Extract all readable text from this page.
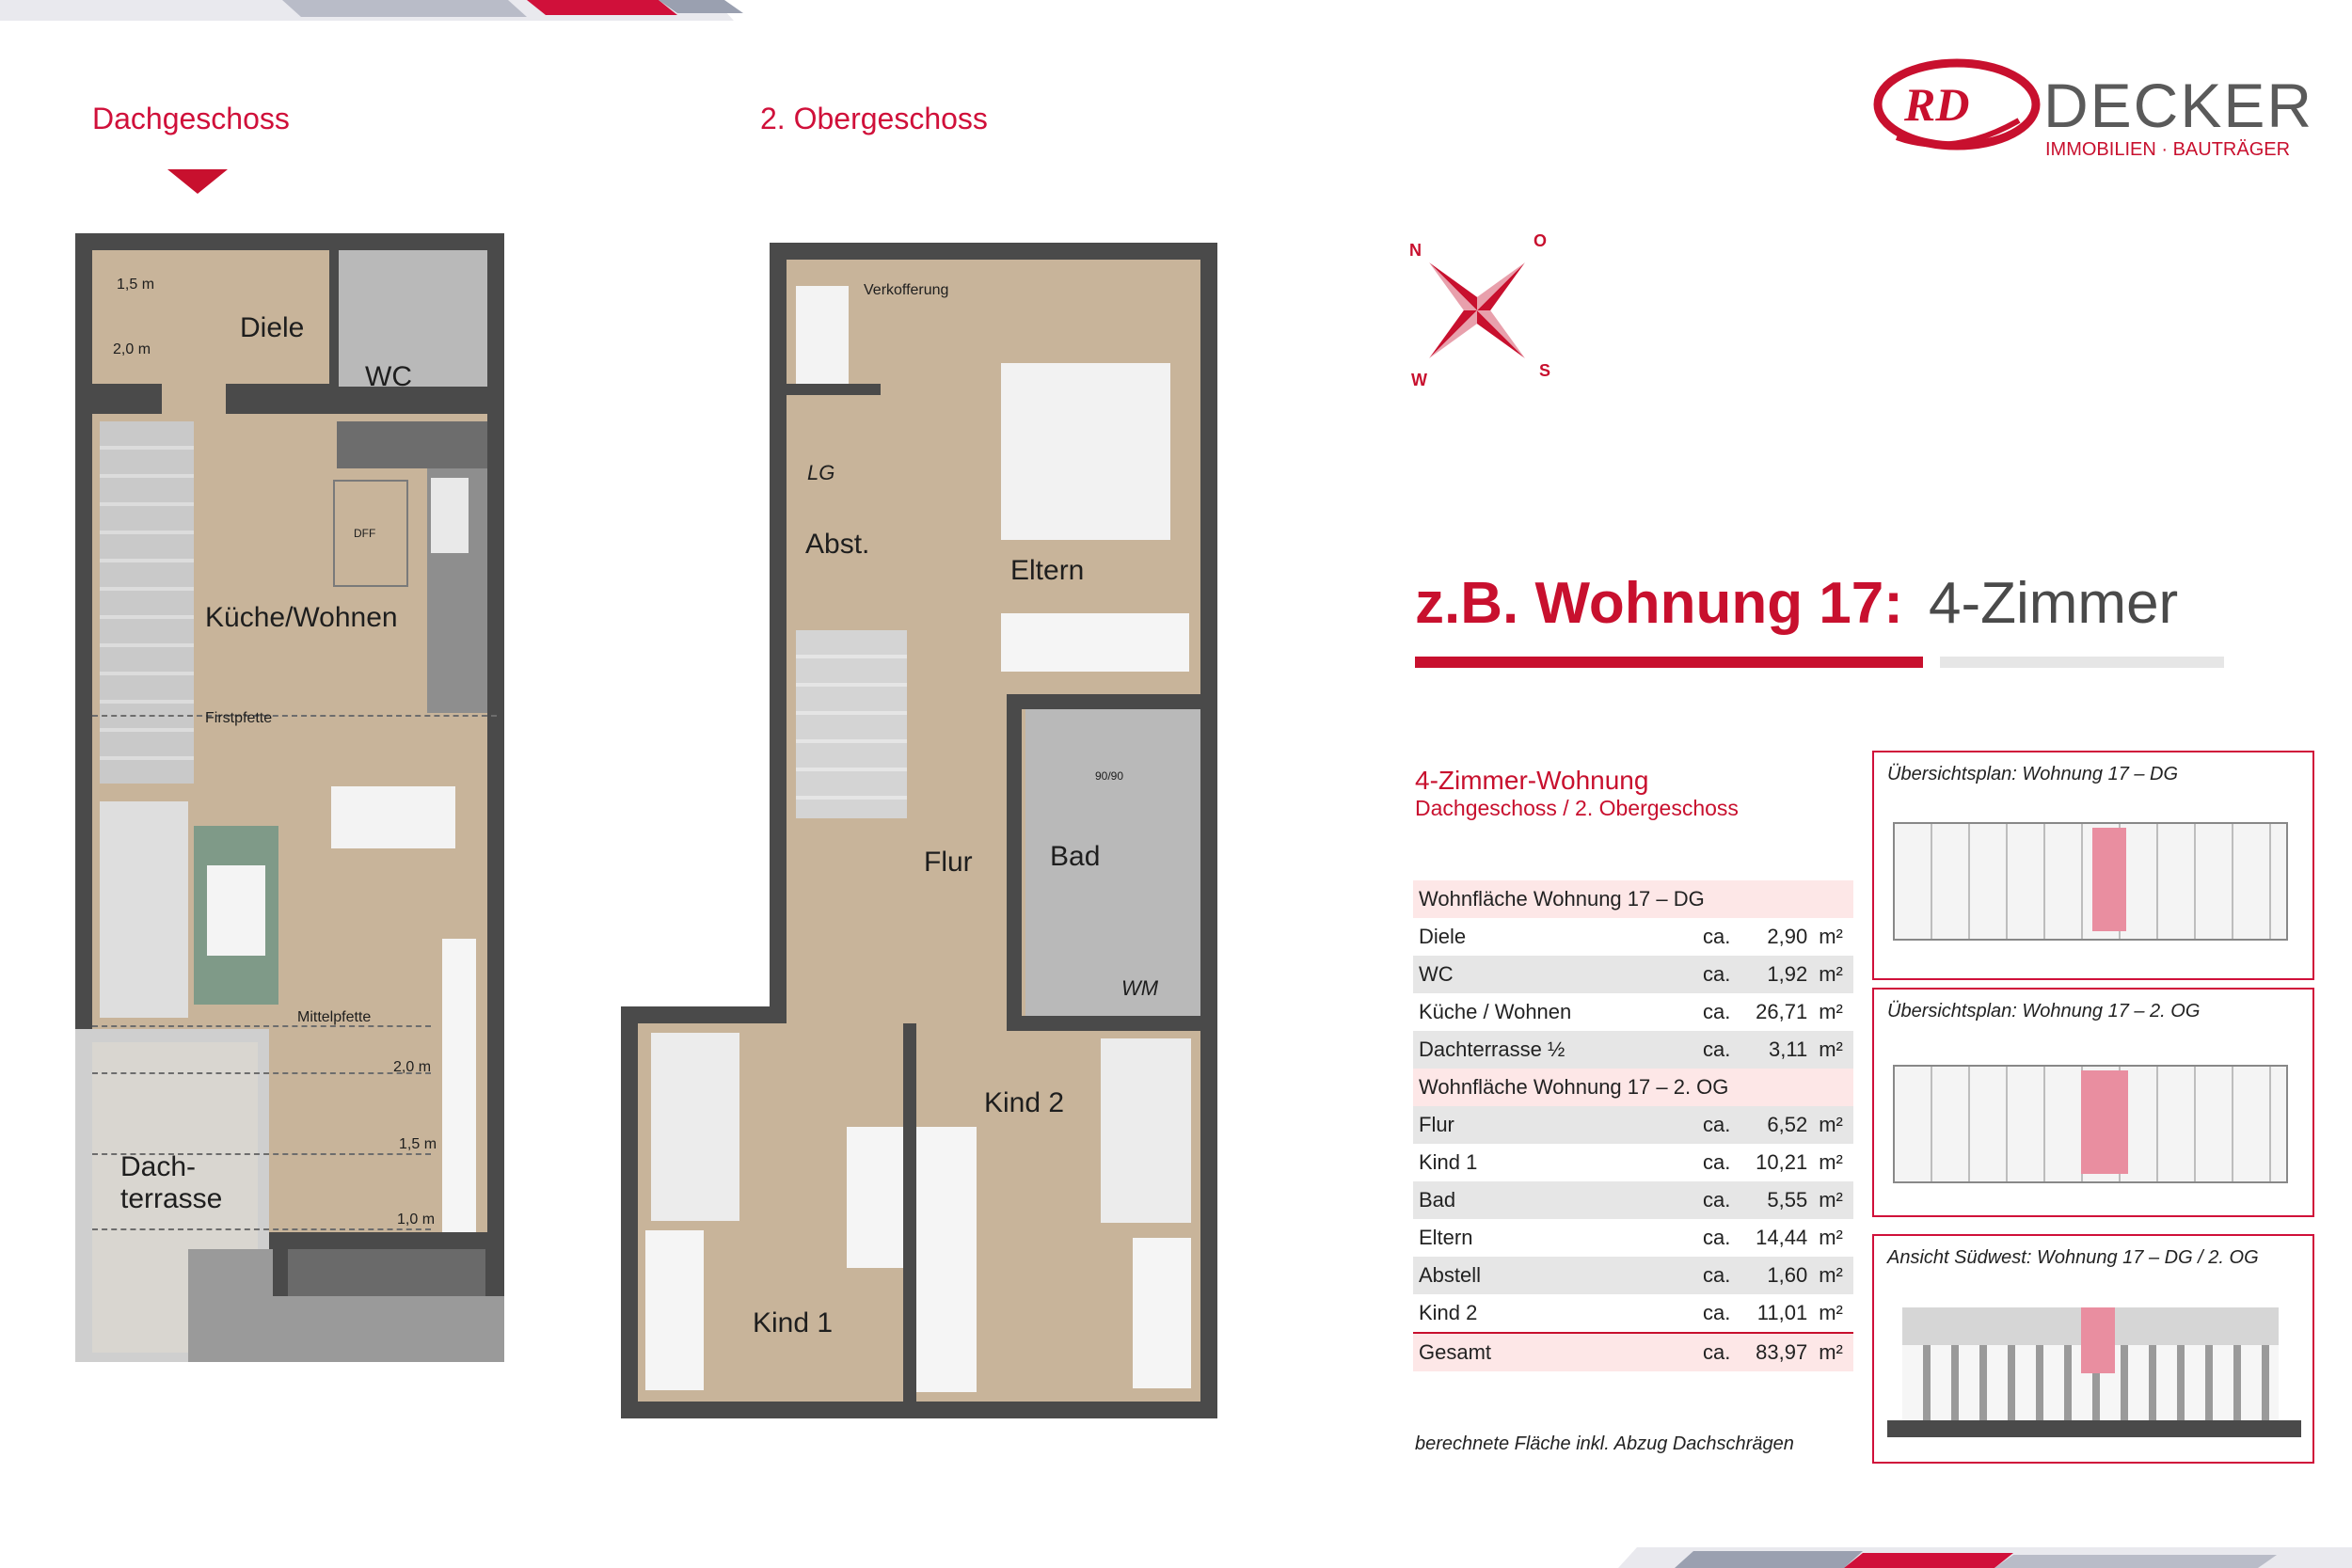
Dachgeschoss	2. Obergeschoss
Diele
WC
Küche/Wohnen
Dach-
terrasse
DFF
Firstpfette
Mittelpfette
1,5 m
2,0 m
2,0 m
1,5 m
1,0 m
Verkofferung
LG
Abst.
Eltern
Flur	Bad
90/90
WM
Kind 1
Kind 2
N	O
S
W
RD DECKER
IMMOBILIEN · BAUTRÄGER
z.B. Wohnung 17: 4-Zimmer
4-Zimmer-Wohnung
Dachgeschoss / 2. Obergeschoss
Wohnfläche Wohnung 17 – DG			
Diele	ca.	2,90	m²
WC	ca.	1,92	m²
Küche / Wohnen	ca.	26,71	m²
Dachterrasse ½	ca.	3,11	m²
Wohnfläche Wohnung 17 – 2. OG			
Flur	ca.	6,52	m²
Kind 1	ca.	10,21	m²
Bad	ca.	5,55	m²
Eltern	ca.	14,44	m²
Abstell	ca.	1,60	m²
Kind 2	ca.	11,01	m²
Gesamt	ca.	83,97	m²
berechnete Fläche inkl. Abzug Dachschrägen
Übersichtsplan: Wohnung 17 – DG
Übersichtsplan: Wohnung 17 – 2. OG
Ansicht Südwest: Wohnung 17 – DG / 2. OG
